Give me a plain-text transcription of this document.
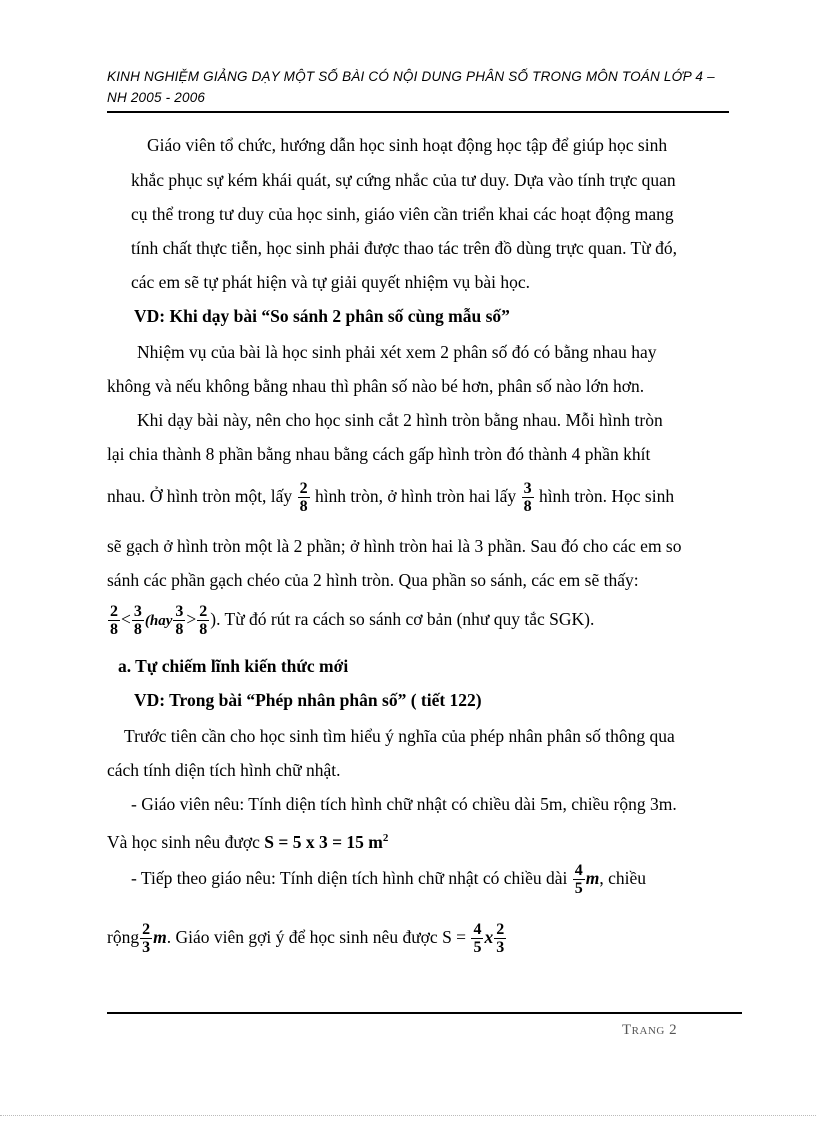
KINH NGHIỆM GIẢNG DẠY MỘT SỐ BÀI CÓ NỘI DUNG PHÂN SỐ TRONG MÔN TOÁN LỚP 4 –
NH 2005 - 2006
Giáo viên tổ chức, hướng dẫn học sinh hoạt động học tập để giúp học sinh
khắc phục sự kém khái quát, sự cứng nhắc của tư duy. Dựa vào tính trực quan
cụ thể trong tư duy của học sinh, giáo viên cần triển khai các hoạt động mang
tính chất thực tiễn, học sinh phải được thao tác trên đồ dùng trực quan. Từ đó,
các em sẽ tự phát hiện và tự giải quyết nhiệm vụ bài học.
VD: Khi dạy bài “So sánh 2 phân số cùng mẫu số”
Nhiệm vụ của bài là học sinh phải xét xem 2 phân số đó có bằng nhau hay
không và nếu không bằng nhau thì phân số nào bé hơn, phân số nào lớn hơn.
Khi dạy bài này, nên cho học sinh cắt 2 hình tròn bằng nhau. Mỗi hình tròn
lại chia thành 8 phần bằng nhau bằng cách gấp hình tròn đó thành 4 phần khít
nhau. Ở hình tròn một, lấy $\frac{2}{8}$ hình tròn, ở hình tròn hai lấy $\frac{3}{8}$ hình tròn. Học sinh
sẽ gạch ở hình tròn một là 2 phần; ở hình tròn hai là 3 phần. Sau đó cho các em so
sánh các phần gạch chéo của 2 hình tròn. Qua phần so sánh, các em sẽ thấy:
$\frac{2}{8} < \frac{3}{8} (hay \frac{3}{8} > \frac{2}{8}$ ). Từ đó rút ra cách so sánh cơ bản (như quy tắc SGK).
a. Tự chiếm lĩnh kiến thức mới
VD: Trong bài “Phép nhân phân số” ( tiết 122)
Trước tiên cần cho học sinh tìm hiểu ý nghĩa của phép nhân phân số thông qua
cách tính diện tích hình chữ nhật.
- Giáo viên nêu: Tính diện tích hình chữ nhật có chiều dài 5m, chiều rộng 3m.
Và học sinh nêu được S = 5 x 3 = 15 $m^2$
- Tiếp theo giáo nêu: Tính diện tích hình chữ nhật có chiều dài $\frac{4}{5} m$, chiều
rộng $\frac{2}{3} m$. Giáo viên gợi ý để học sinh nêu được $S = \frac{4}{5}$ x $\frac{2}{3}$
Trang 2
